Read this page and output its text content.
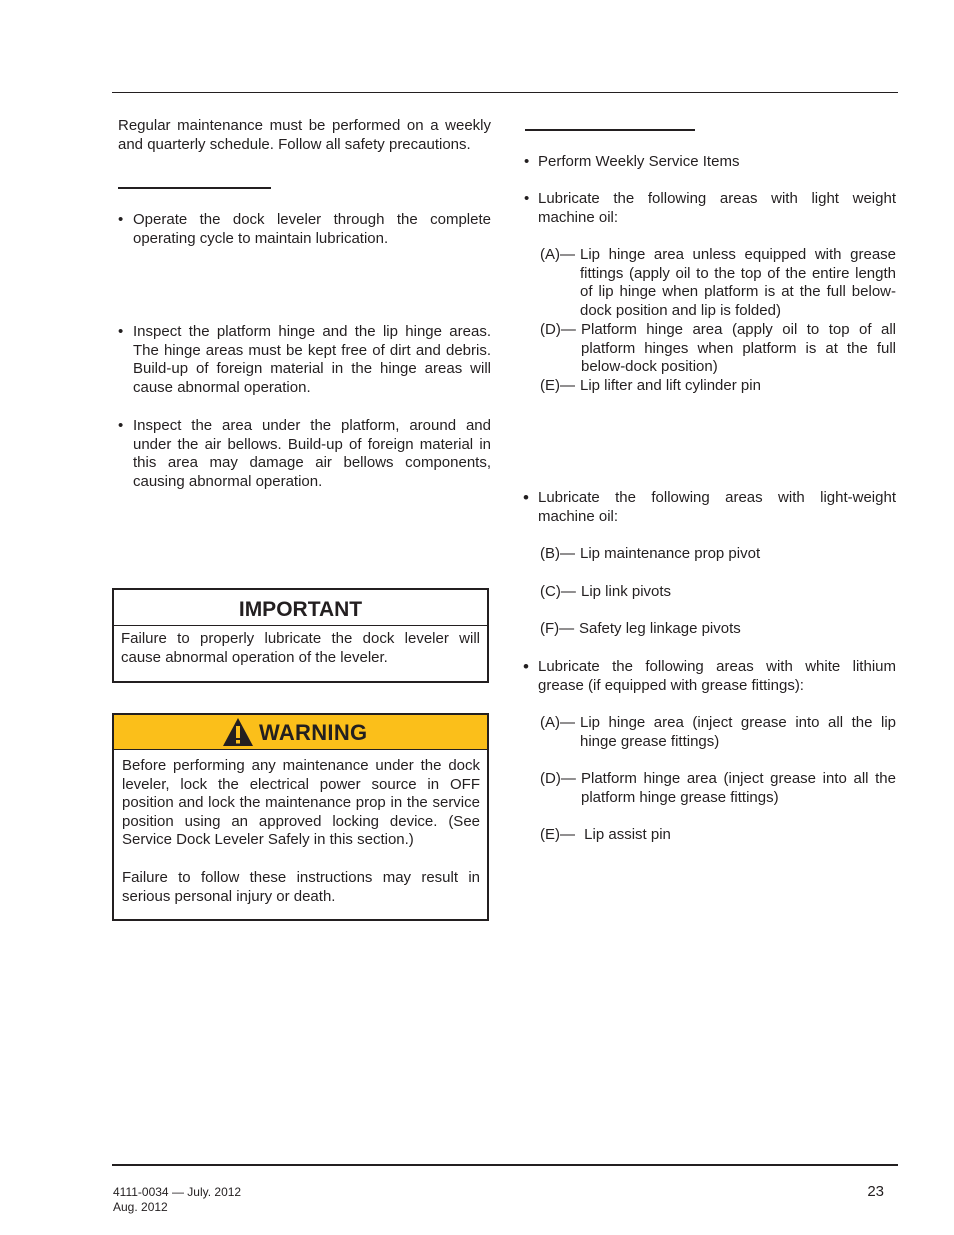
Regular maintenance must be performed on a weekly and quarterly schedule. Follow all safety precautions.

• Operate the dock leveler through the complete operating cycle to maintain lubrication.

• Inspect the platform hinge and the lip hinge areas. The hinge areas must be kept free of dirt and debris. Build-up of foreign material in the hinge areas will cause abnormal operation.

• Inspect the area under the platform, around and under the air bellows. Build-up of foreign material in this area may damage air bellows components, causing abnormal operation.

IMPORTANT

Failure to properly lubricate the dock leveler will cause abnormal operation of the leveler.

WARNING

Before performing any maintenance under the dock leveler, lock the electrical power source in OFF position and lock the maintenance prop in the service position using an approved locking device. (See Service Dock Leveler Safely in this section.)

Failure to follow these instructions may result in serious personal injury or death.

• Perform Weekly Service Items

• Lubricate the following areas with light weight machine oil:

(A)— Lip hinge area unless equipped with grease fittings (apply oil to the top of the entire length of lip hinge when platform is at the full below-dock position and lip is folded)

(D)— Platform hinge area (apply oil to top of all platform hinges when platform is at the full below-dock position)

(E)— Lip lifter and lift cylinder pin

• Lubricate the following areas with light-weight machine oil:

(B)— Lip maintenance prop pivot

(C)— Lip link pivots

(F)— Safety leg linkage pivots

• Lubricate the following areas with white lithium grease (if equipped with grease fittings):

(A)— Lip hinge area (inject grease into all the lip hinge grease fittings)

(D)— Platform hinge area (inject grease into all the platform hinge grease fittings)

(E)— Lip assist pin

4111-0034 — July. 2012
Aug. 2012
23
